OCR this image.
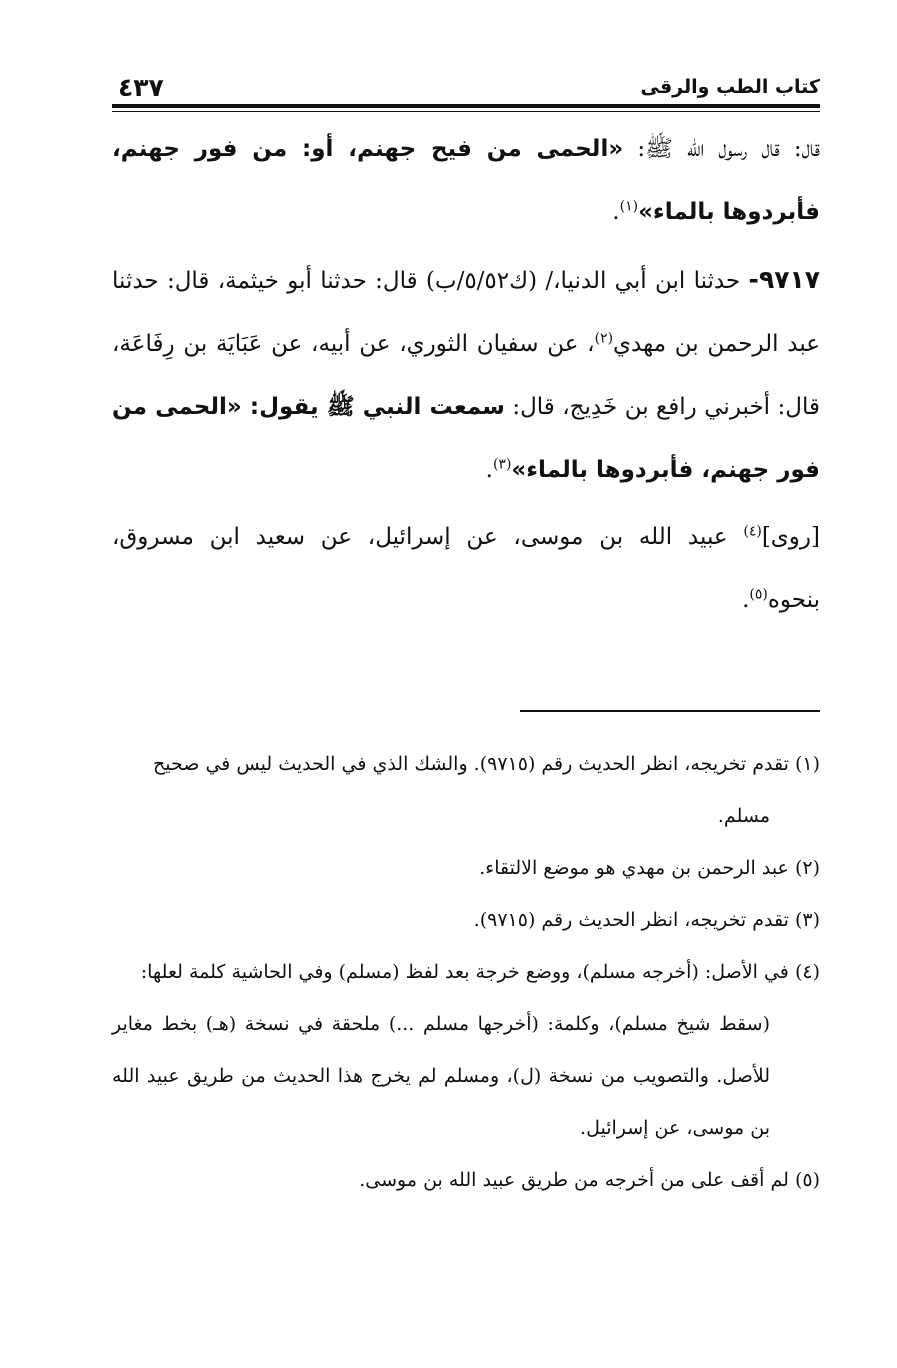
٤٣٧	كتاب الطب والرقى

قال: قال رسول الله ﷺ: «الحمى من فيح جهنم، أو: من فور جهنم، فأبردوها بالماء»$^{(١)}$.

٩٧١٧- حدثنا ابن أبي الدنيا،/ (ك٥/٥٢/ب) قال: حدثنا أبو خيثمة، قال: حدثنا عبد الرحمن بن مهدي$^{(٢)}$، عن سفيان الثوري، عن أبيه، عن عَبَايَة بن رِفَاعَة، قال: أخبرني رافع بن خَدِيج، قال: سمعت النبي ﷺ يقول: «الحمى من فور جهنم، فأبردوها بالماء»$^{(٣)}$.

[روى]$^{(٤)}$ عبيد الله بن موسى، عن إسرائيل، عن سعيد ابن مسروق، بنحوه$^{(٥)}$.

(١) تقدم تخريجه، انظر الحديث رقم (٩٧١٥). والشك الذي في الحديث ليس في صحيح
مسلم.

(٢) عبد الرحمن بن مهدي هو موضع الالتقاء.

(٣) تقدم تخريجه، انظر الحديث رقم (٩٧١٥).

(٤) في الأصل: (أخرجه مسلم)، ووضع خرجة بعد لفظ (مسلم) وفي الحاشية كلمة لعلها:
(سقط شيخ مسلم)، وكلمة: (أخرجها مسلم ...) ملحقة في نسخة (هـ) بخط مغاير للأصل. والتصويب من نسخة (ل)، ومسلم لم يخرج هذا الحديث من طريق عبيد الله بن موسى، عن إسرائيل.

(٥) لم أقف على من أخرجه من طريق عبيد الله بن موسى.
